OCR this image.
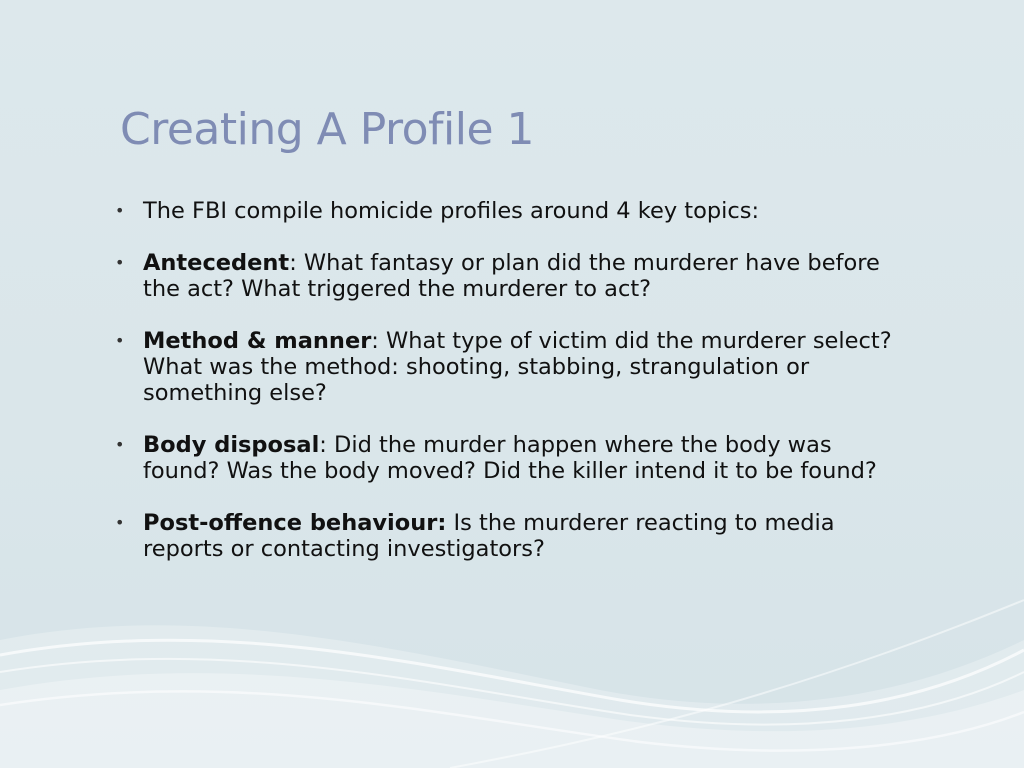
Creating A Profile 1
• The FBI compile homicide profiles around 4 key topics:
• Antecedent: What fantasy or plan did the murderer have before the act? What triggered the murderer to act?
• Method & manner: What type of victim did the murderer select? What was the method: shooting, stabbing, strangulation or something else?
• Body disposal: Did the murder happen where the body was found? Was the body moved? Did the killer intend it to be found?
• Post-offence behaviour: Is the murderer reacting to media reports or contacting investigators?
